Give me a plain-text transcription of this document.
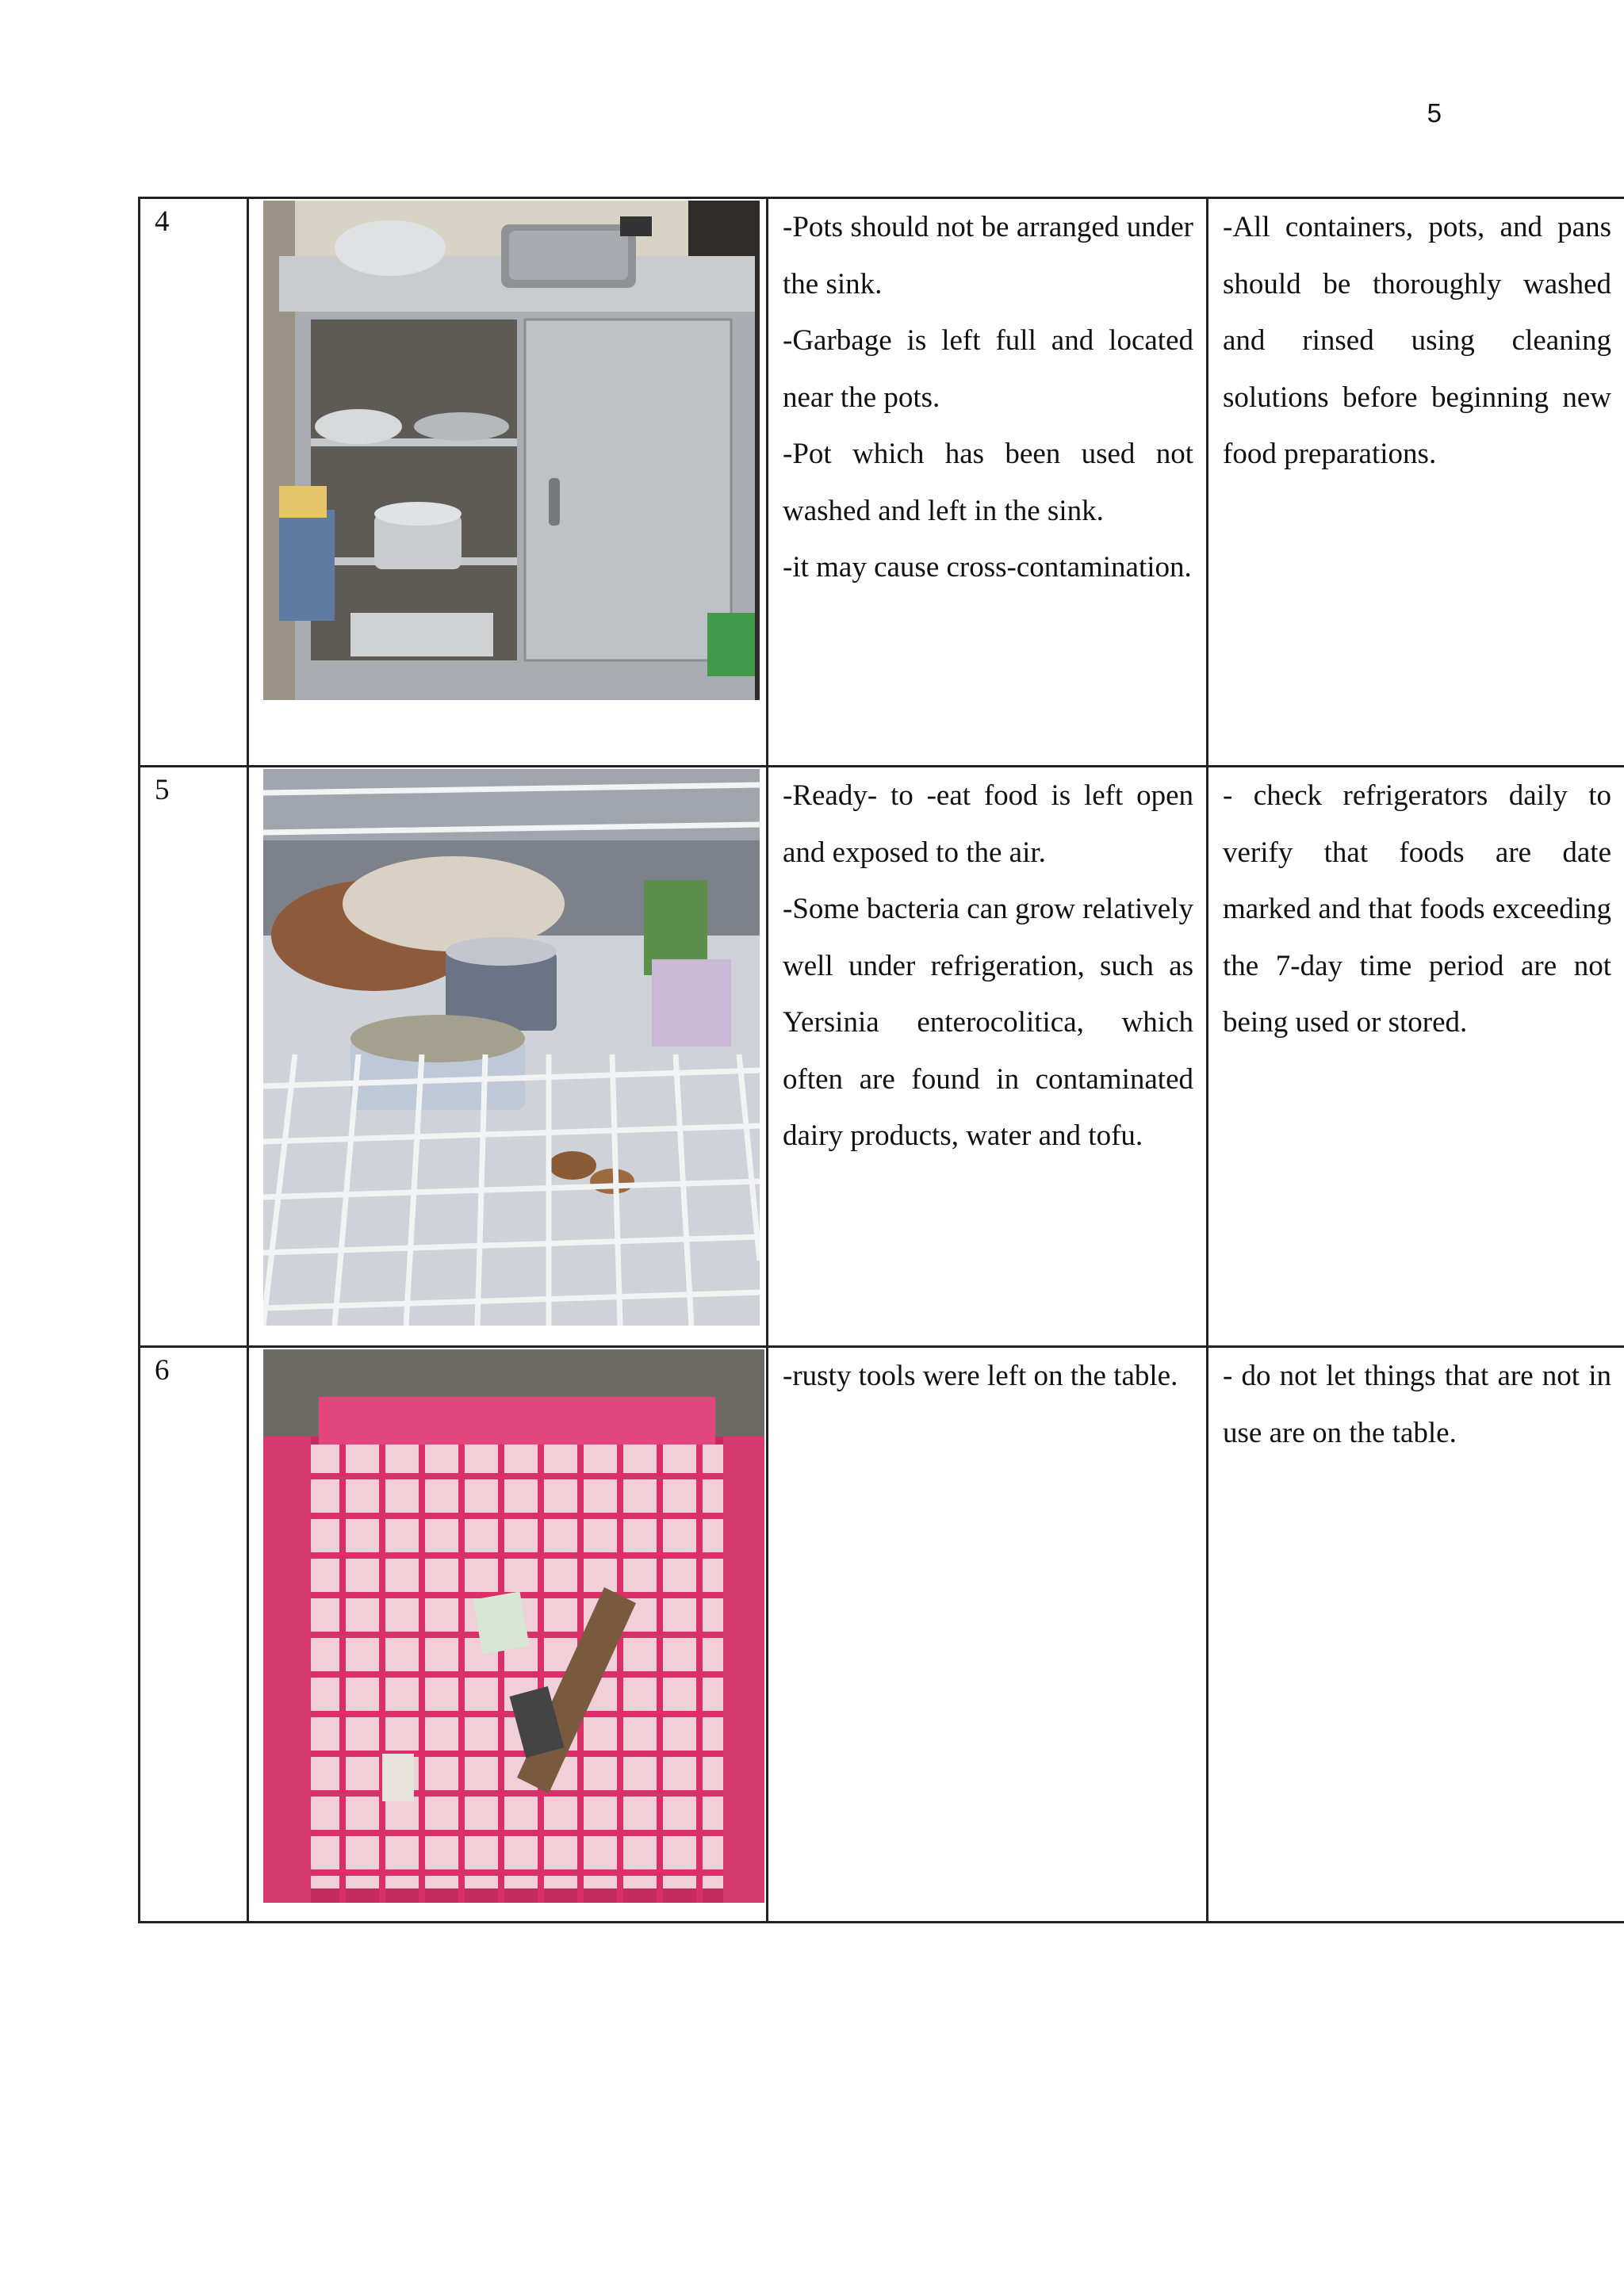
5
4		-Pots should not be arranged under the sink.
-Garbage is left full and located near the pots.
-Pot which has been used not washed and left in the sink.
-it may cause cross-contamination.	-All containers, pots, and pans should be thoroughly washed and rinsed using cleaning solutions before beginning new food preparations.

5		-Ready- to -eat food is left open and exposed to the air.
-Some bacteria can grow relatively well under refrigeration, such as Yersinia enterocolitica, which often are found in contaminated dairy products, water and tofu.	- check refrigerators daily to verify that foods are date marked and that foods exceeding the 7-day time period are not being used or stored.

6		-rusty tools were left on the table.	- do not let things that are not in use are on the table.
